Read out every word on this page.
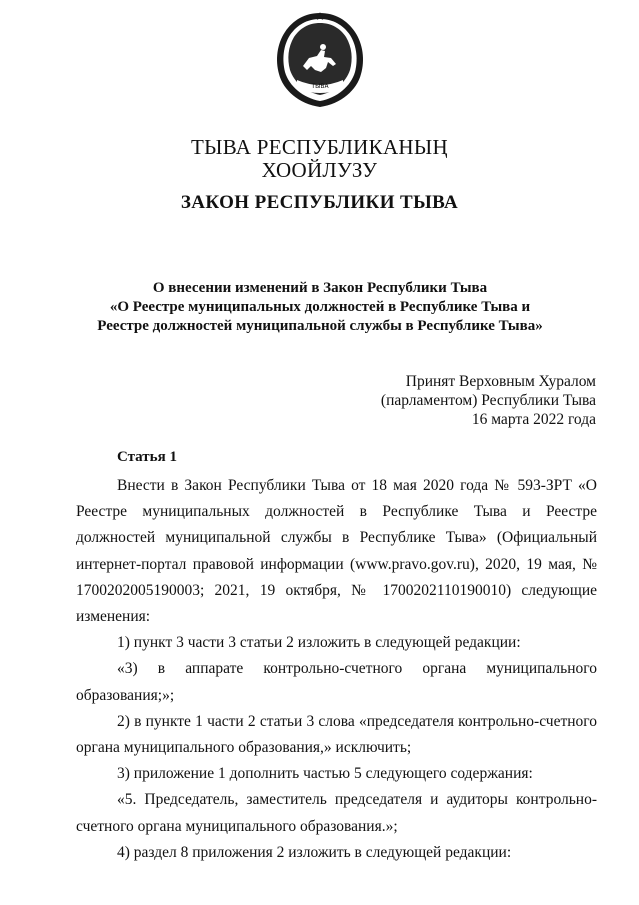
ТЫВА
ТЫВА РЕСПУБЛИКАНЫҢ
ХООЙЛУЗУ
ЗАКОН РЕСПУБЛИКИ ТЫВА
О внесении изменений в Закон Республики Тыва
«О Реестре муниципальных должностей в Республике Тыва и
Реестре должностей муниципальной службы в Республике Тыва»
Принят Верховным Хуралом
(парламентом) Республики Тыва
16 марта 2022 года
Статья 1

Внести в Закон Республики Тыва от 18 мая 2020 года № 593-ЗРТ «О Реестре муниципальных должностей в Республике Тыва и Реестре должностей муниципальной службы в Республике Тыва» (Официальный интернет-портал правовой информации (www.pravo.gov.ru), 2020, 19 мая, № 1700202005190003; 2021, 19 октября, № 1700202110190010) следующие изменения:

1) пункт 3 части 3 статьи 2 изложить в следующей редакции:

«3) в аппарате контрольно-счетного органа муниципального образования;»;

2) в пункте 1 части 2 статьи 3 слова «председателя контрольно-счетного органа муниципального образования,» исключить;

3) приложение 1 дополнить частью 5 следующего содержания:

«5. Председатель, заместитель председателя и аудиторы контрольно-счетного органа муниципального образования.»;

4) раздел 8 приложения 2 изложить в следующей редакции:
